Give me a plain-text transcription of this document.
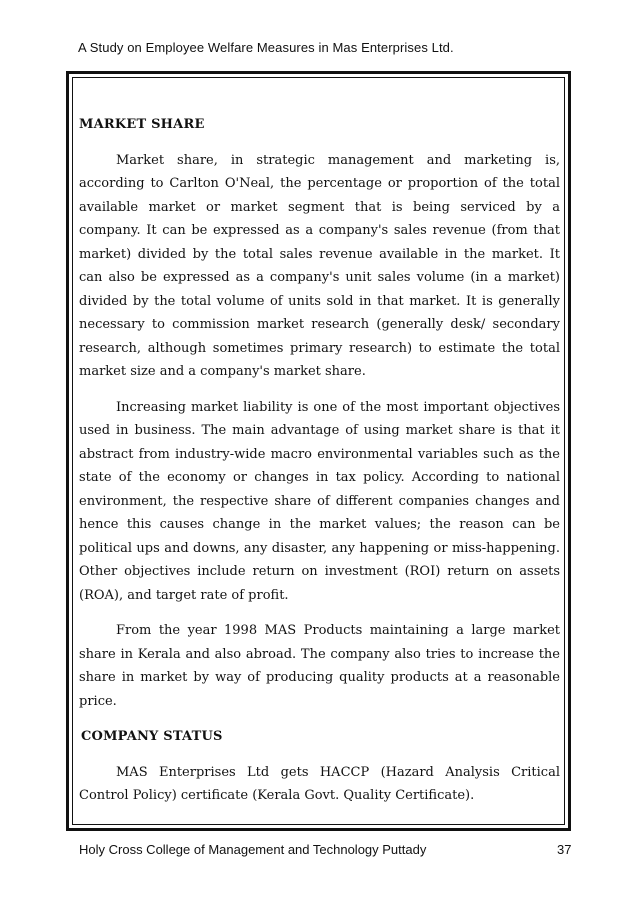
A Study on Employee Welfare Measures in Mas Enterprises Ltd.
MARKET SHARE

Market share, in strategic management and marketing is, according to Carlton O'Neal, the percentage or proportion of the total available market or market segment that is being serviced by a company. It can be expressed as a company's sales revenue (from that market) divided by the total sales revenue available in the market. It can also be expressed as a company's unit sales volume (in a market) divided by the total volume of units sold in that market. It is generally necessary to commission market research (generally desk/ secondary research, although sometimes primary research) to estimate the total market size and a company's market share.

Increasing market liability is one of the most important objectives used in business. The main advantage of using market share is that it abstract from industry-wide macro environmental variables such as the state of the economy or changes in tax policy. According to national environment, the respective share of different companies changes and hence this causes change in the market values; the reason can be political ups and downs, any disaster, any happening or miss-happening. Other objectives include return on investment (ROI) return on assets (ROA), and target rate of profit.

From the year 1998 MAS Products maintaining a large market share in Kerala and also abroad. The company also tries to increase the share in market by way of producing quality products at a reasonable price.

COMPANY STATUS

MAS Enterprises Ltd gets HACCP (Hazard Analysis Critical Control Policy) certificate (Kerala Govt. Quality Certificate).

Holy Cross College of Management and Technology Puttady	37
